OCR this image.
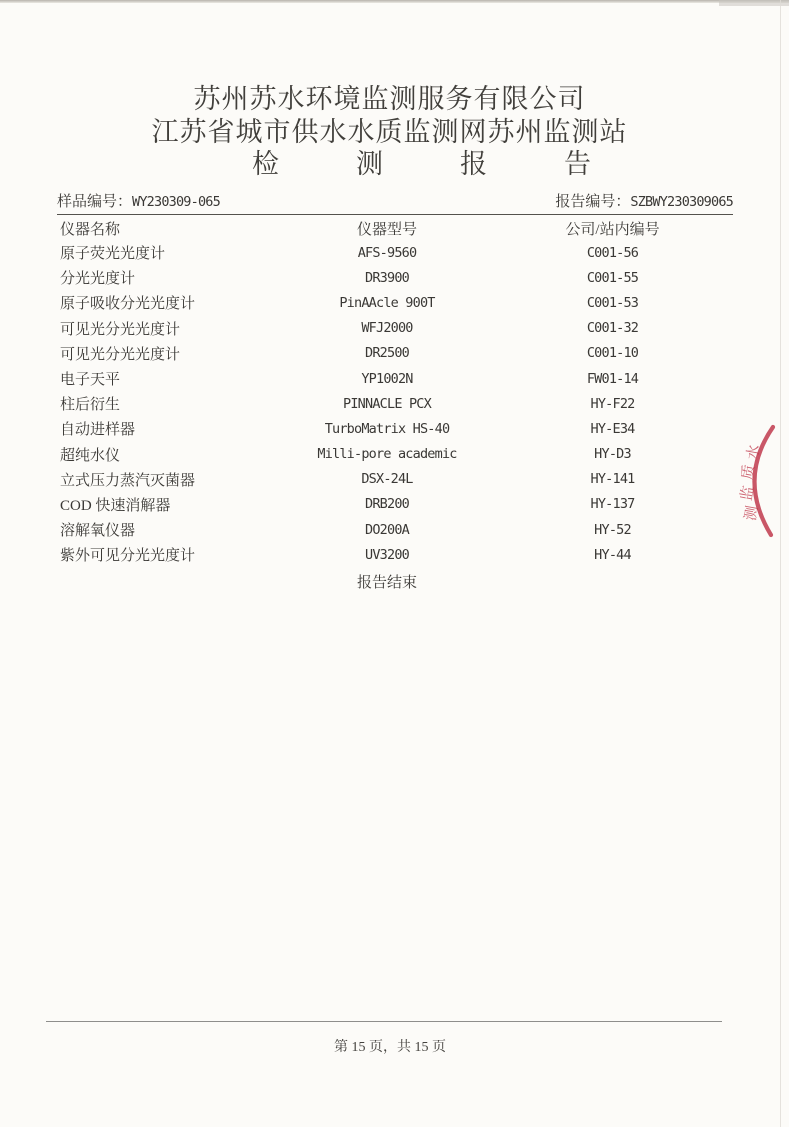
苏州苏水环境监测服务有限公司
江苏省城市供水水质监测网苏州监测站
检测报告
样品编号：WY230309-065	报告编号：SZBWY230309065
仪器名称	仪器型号	公司/站内编号
原子荧光光度计	AFS-9560	C001-56
分光光度计	DR3900	C001-55
原子吸收分光光度计	PinAAcle 900T	C001-53
可见光分光光度计	WFJ2000	C001-32
可见光分光光度计	DR2500	C001-10
电子天平	YP1002N	FW01-14
柱后衍生	PINNACLE PCX	HY-F22
自动进样器	TurboMatrix HS-40	HY-E34
超纯水仪	Milli-pore academic	HY-D3
立式压力蒸汽灭菌器	DSX-24L	HY-141
COD 快速消解器	DRB200	HY-137
溶解氧仪器	DO200A	HY-52
紫外可见分光光度计	UV3200	HY-44
报告结束
水
质
监
测
第 15 页，共 15 页
